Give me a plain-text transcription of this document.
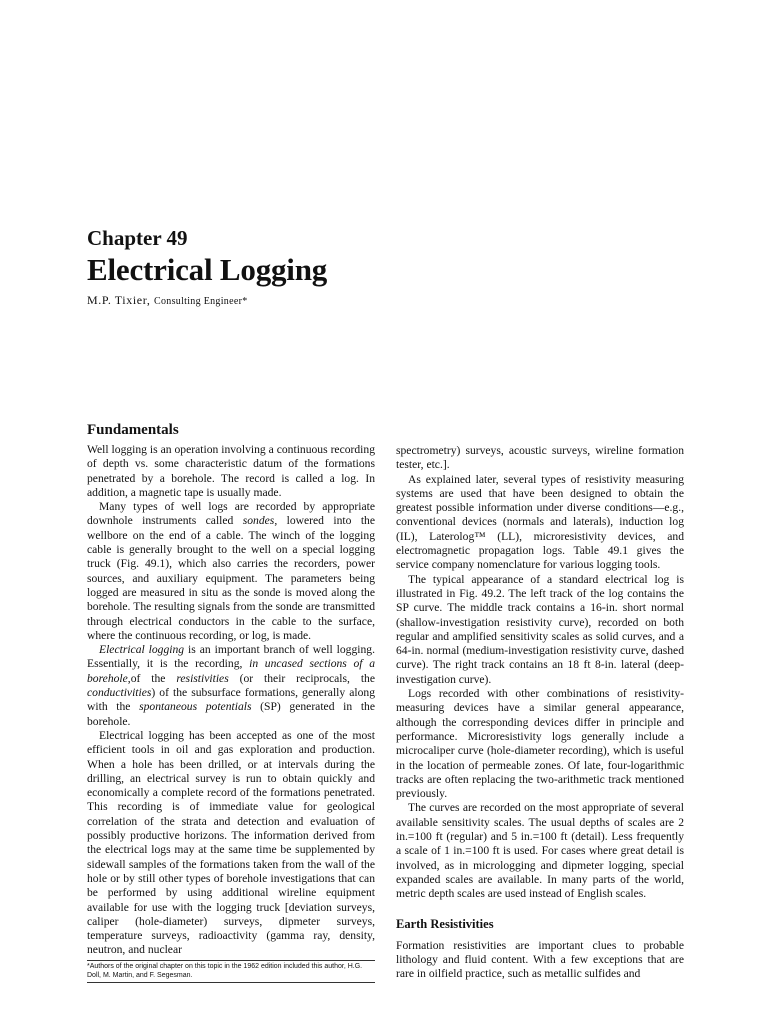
Chapter 49
Electrical Logging
M.P. Tixier, Consulting Engineer*
Fundamentals

Well logging is an operation involving a continuous recording of depth vs. some characteristic datum of the formations penetrated by a borehole. The record is called a log. In addition, a magnetic tape is usually made.

Many types of well logs are recorded by appropriate downhole instruments called sondes, lowered into the wellbore on the end of a cable. The winch of the logging cable is generally brought to the well on a special logging truck (Fig. 49.1), which also carries the recorders, power sources, and auxiliary equipment. The parameters being logged are measured in situ as the sonde is moved along the borehole. The resulting signals from the sonde are transmitted through electrical conductors in the cable to the surface, where the continuous recording, or log, is made.

Electrical logging is an important branch of well logging. Essentially, it is the recording, in uncased sections of a borehole,of the resistivities (or their reciprocals, the conductivities) of the subsurface formations, generally along with the spontaneous potentials (SP) generated in the borehole.

Electrical logging has been accepted as one of the most efficient tools in oil and gas exploration and production. When a hole has been drilled, or at intervals during the drilling, an electrical survey is run to obtain quickly and economically a complete record of the formations penetrated. This recording is of immediate value for geological correlation of the strata and detection and evaluation of possibly productive horizons. The information derived from the electrical logs may at the same time be supplemented by sidewall samples of the formations taken from the wall of the hole or by still other types of borehole investigations that can be performed by using additional wireline equipment available for use with the logging truck [deviation surveys, caliper (hole-diameter) surveys, dipmeter surveys, temperature surveys, radioactivity (gamma ray, density, neutron, and nuclear

*Authors of the original chapter on this topic in the 1962 edition included this author, H.G. Doll, M. Martin, and F. Segesman.

spectrometry) surveys, acoustic surveys, wireline formation tester, etc.].

As explained later, several types of resistivity measuring systems are used that have been designed to obtain the greatest possible information under diverse conditions—e.g., conventional devices (normals and laterals), induction log (IL), Laterolog™ (LL), microresistivity devices, and electromagnetic propagation logs. Table 49.1 gives the service company nomenclature for various logging tools.

The typical appearance of a standard electrical log is illustrated in Fig. 49.2. The left track of the log contains the SP curve. The middle track contains a 16-in. short normal (shallow-investigation resistivity curve), recorded on both regular and amplified sensitivity scales as solid curves, and a 64-in. normal (medium-investigation resistivity curve, dashed curve). The right track contains an 18 ft 8-in. lateral (deep-investigation curve).

Logs recorded with other combinations of resistivity-measuring devices have a similar general appearance, although the corresponding devices differ in principle and performance. Microresistivity logs generally include a microcaliper curve (hole-diameter recording), which is useful in the location of permeable zones. Of late, four-logarithmic tracks are often replacing the two-arithmetic track mentioned previously.

The curves are recorded on the most appropriate of several available sensitivity scales. The usual depths of scales are 2 in.=100 ft (regular) and 5 in.=100 ft (detail). Less frequently a scale of 1 in.=100 ft is used. For cases where great detail is involved, as in micrologging and dipmeter logging, special expanded scales are available. In many parts of the world, metric depth scales are used instead of English scales.

Earth Resistivities

Formation resistivities are important clues to probable lithology and fluid content. With a few exceptions that are rare in oilfield practice, such as metallic sulfides and
